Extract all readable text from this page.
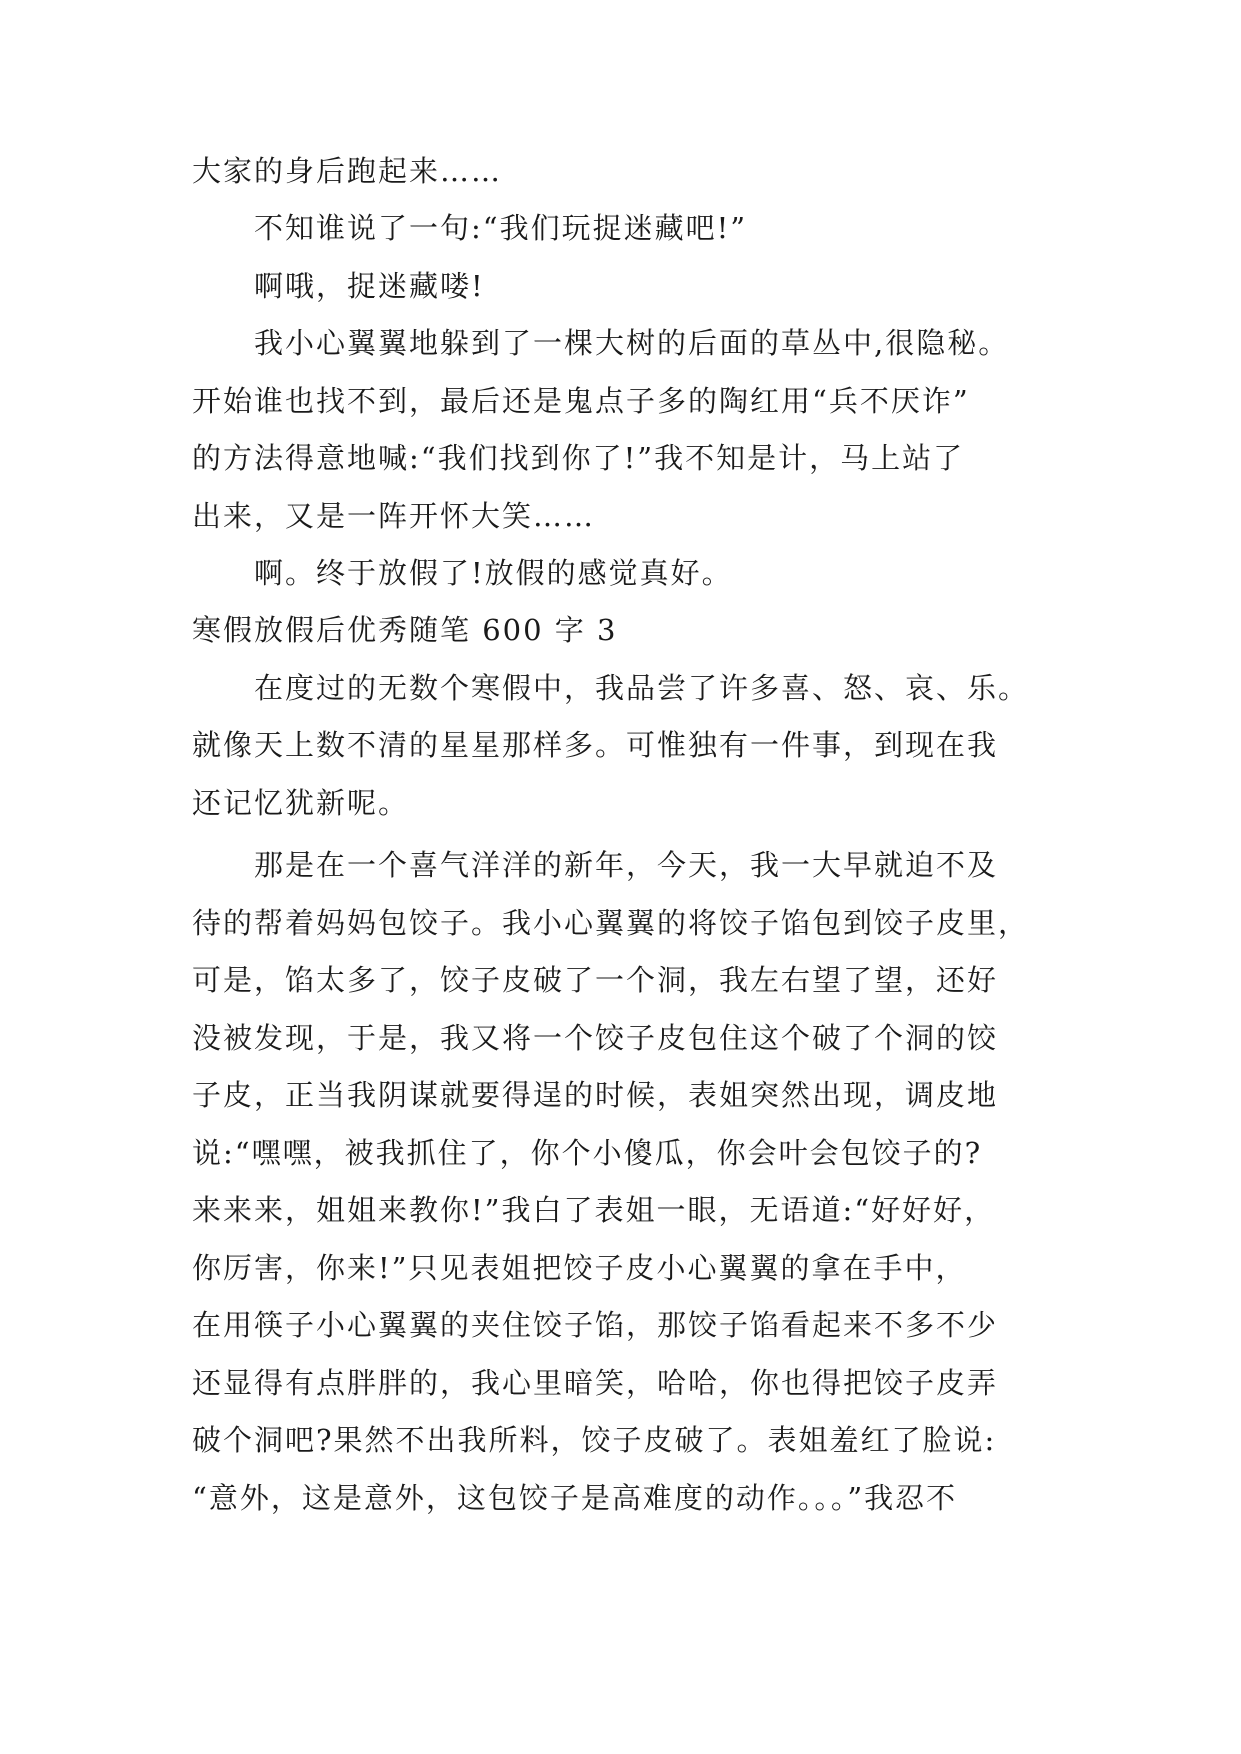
大家的身后跑起来……
不知谁说了一句:“我们玩捉迷藏吧!”
啊哦，捉迷藏喽!
我小心翼翼地躲到了一棵大树的后面的草丛中,很隐秘。
开始谁也找不到，最后还是鬼点子多的陶红用“兵不厌诈”
的方法得意地喊:“我们找到你了!”我不知是计，马上站了
出来，又是一阵开怀大笑……
啊。终于放假了!放假的感觉真好。
寒假放假后优秀随笔 600 字 3
在度过的无数个寒假中，我品尝了许多喜、怒、哀、乐。
就像天上数不清的星星那样多。可惟独有一件事，到现在我
还记忆犹新呢。
那是在一个喜气洋洋的新年，今天，我一大早就迫不及
待的帮着妈妈包饺子。我小心翼翼的将饺子馅包到饺子皮里，
可是，馅太多了，饺子皮破了一个洞，我左右望了望，还好
没被发现，于是，我又将一个饺子皮包住这个破了个洞的饺
子皮，正当我阴谋就要得逞的时候，表姐突然出现，调皮地
说:“嘿嘿，被我抓住了，你个小傻瓜，你会叶会包饺子的?
来来来，姐姐来教你!”我白了表姐一眼，无语道:“好好好，
你厉害，你来!”只见表姐把饺子皮小心翼翼的拿在手中，
在用筷子小心翼翼的夹住饺子馅，那饺子馅看起来不多不少
还显得有点胖胖的，我心里暗笑，哈哈，你也得把饺子皮弄
破个洞吧?果然不出我所料，饺子皮破了。表姐羞红了脸说:
“意外，这是意外，这包饺子是高难度的动作。。。”我忍不
